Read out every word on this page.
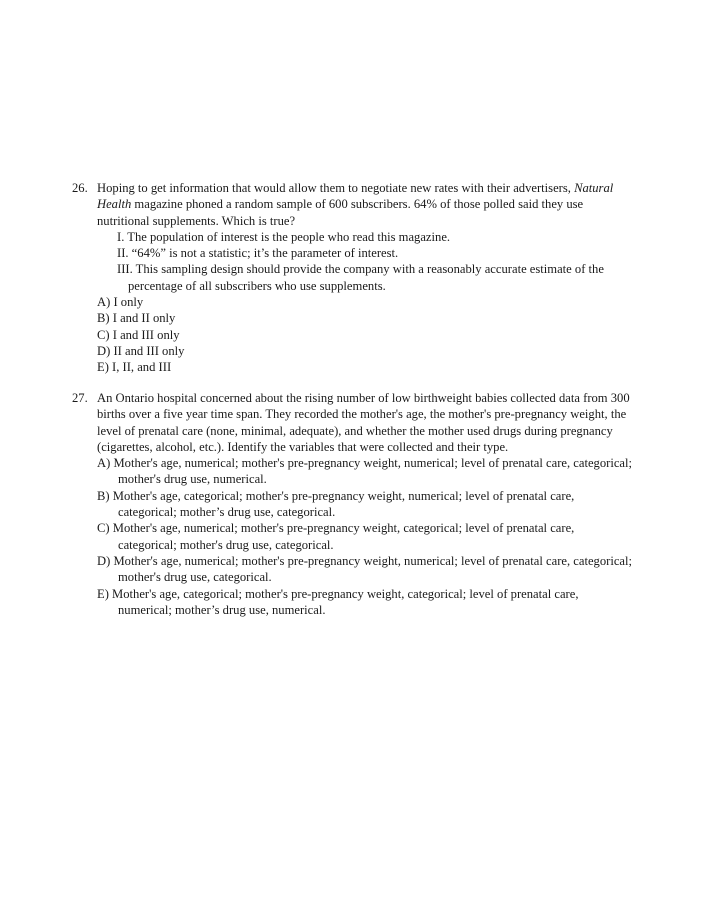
26. Hoping to get information that would allow them to negotiate new rates with their advertisers, Natural Health magazine phoned a random sample of 600 subscribers. 64% of those polled said they use nutritional supplements. Which is true?
I. The population of interest is the people who read this magazine.
II. “64%” is not a statistic; it’s the parameter of interest.
III. This sampling design should provide the company with a reasonably accurate estimate of the percentage of all subscribers who use supplements.
A) I only
B) I and II only
C) I and III only
D) II and III only
E) I, II, and III
27. An Ontario hospital concerned about the rising number of low birthweight babies collected data from 300 births over a five year time span. They recorded the mother's age, the mother's pre-pregnancy weight, the level of prenatal care (none, minimal, adequate), and whether the mother used drugs during pregnancy (cigarettes, alcohol, etc.). Identify the variables that were collected and their type.
A) Mother's age, numerical; mother's pre-pregnancy weight, numerical; level of prenatal care, categorical; mother's drug use, numerical.
B) Mother's age, categorical; mother's pre-pregnancy weight, numerical; level of prenatal care, categorical; mother’s drug use, categorical.
C) Mother's age, numerical; mother's pre-pregnancy weight, categorical; level of prenatal care, categorical; mother's drug use, categorical.
D) Mother's age, numerical; mother's pre-pregnancy weight, numerical; level of prenatal care, categorical; mother's drug use, categorical.
E) Mother's age, categorical; mother's pre-pregnancy weight, categorical; level of prenatal care, numerical; mother’s drug use, numerical.
